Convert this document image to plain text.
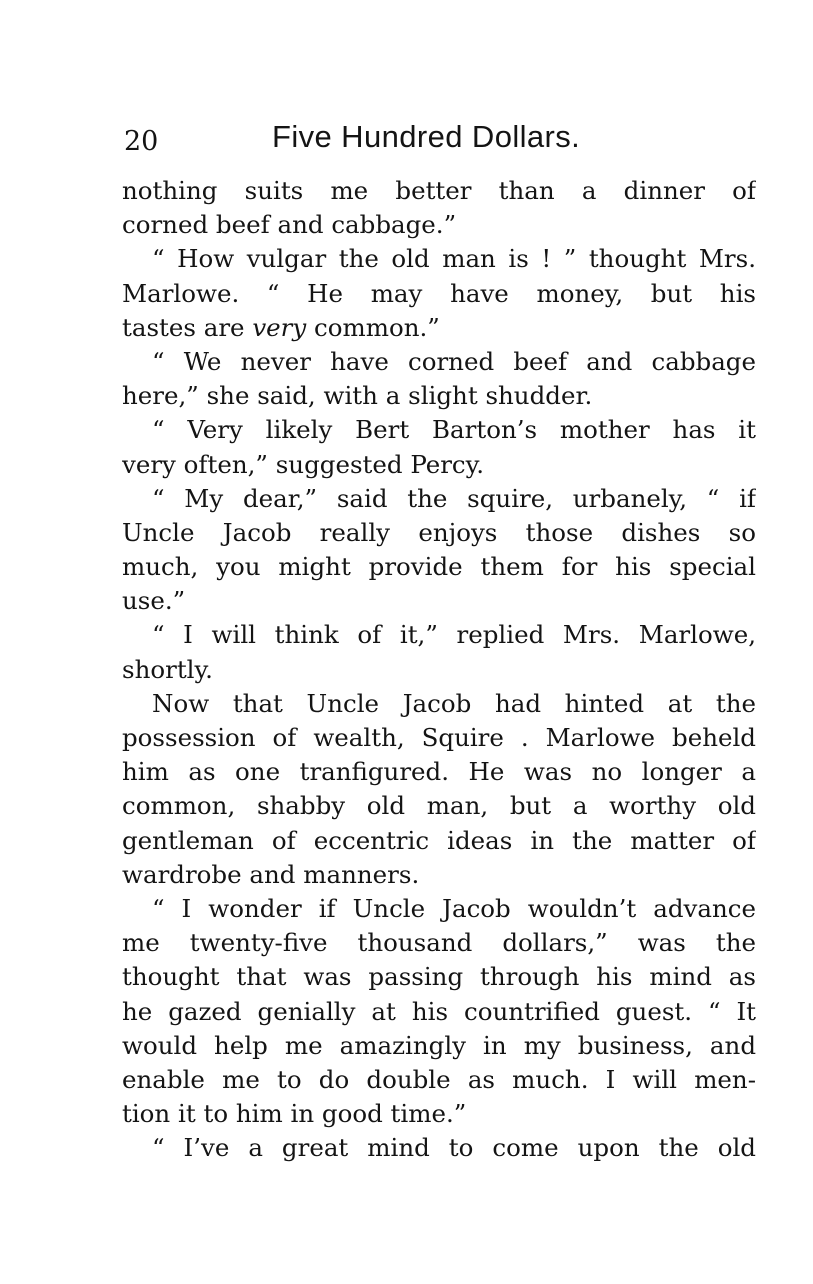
20	Five Hundred Dollars.
nothing suits me better than a dinner of
corned beef and cabbage.”
“ How vulgar the old man is ! ” thought Mrs.
Marlowe. “ He may have money, but his
tastes are very common.”
“ We never have corned beef and cabbage
here,” she said, with a slight shudder.
“ Very likely Bert Barton’s mother has it
very often,” suggested Percy.
“ My dear,” said the squire, urbanely, “ if
Uncle Jacob really enjoys those dishes so
much, you might provide them for his special
use.”
“ I will think of it,” replied Mrs. Marlowe,
shortly.
Now that Uncle Jacob had hinted at the
possession of wealth, Squire . Marlowe beheld
him as one tranfigured. He was no longer a
common, shabby old man, but a worthy old
gentleman of eccentric ideas in the matter of
wardrobe and manners.
“ I wonder if Uncle Jacob wouldn’t advance
me twenty-five thousand dollars,” was the
thought that was passing through his mind as
he gazed genially at his countrified guest. “ It
would help me amazingly in my business, and
enable me to do double as much. I will men-
tion it to him in good time.”
“ I’ve a great mind to come upon the old
